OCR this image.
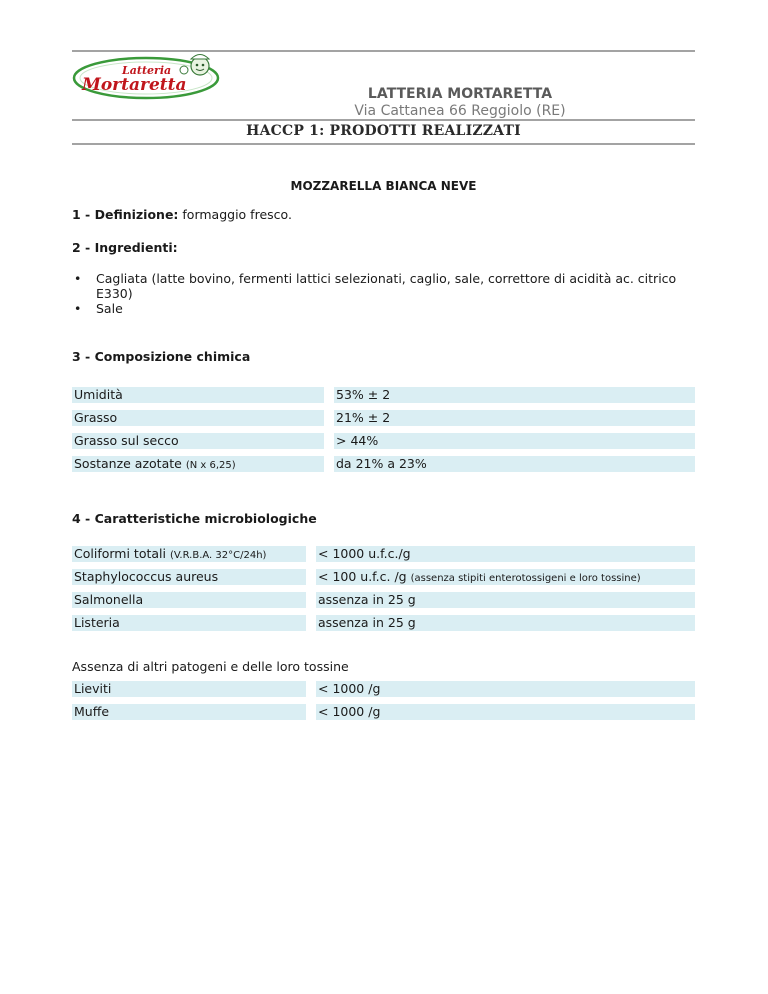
Latteria
Mortaretta	LATTERIA MORTARETTA
Via Cattanea 66 Reggiolo (RE)
HACCP 1: PRODOTTI REALIZZATI
MOZZARELLA BIANCA NEVE
1 - Definizione: formaggio fresco.
2 - Ingredienti:
• Cagliata (latte bovino, fermenti lattici selezionati, caglio, sale, correttore di acidità ac. citrico E330)
• Sale
3 - Composizione chimica
Umidità	53% ± 2
Grasso	21% ± 2
Grasso sul secco	> 44%
Sostanze azotate (N x 6,25)	da 21% a 23%
4 - Caratteristiche microbiologiche
Coliformi totali (V.R.B.A. 32°C/24h)	< 1000 u.f.c./g
Staphylococcus aureus	< 100 u.f.c. /g (assenza stipiti enterotossigeni e loro tossine)
Salmonella	assenza in 25 g
Listeria	assenza in 25 g
Assenza di altri patogeni e delle loro tossine
Lieviti	< 1000 /g
Muffe	< 1000 /g
